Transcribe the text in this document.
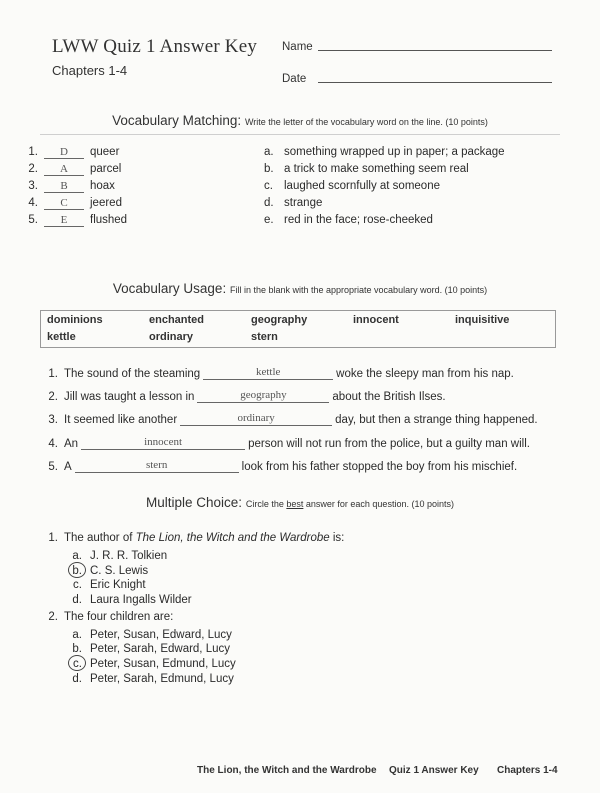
LWW Quiz 1 Answer Key
Chapters 1-4
Name
Date
Vocabulary Matching: Write the letter of the vocabulary word on the line. (10 points)
1.	D	queer
2.	A	parcel
3.	B	hoax
4.	C	jeered
5.	E	flushed
a. something wrapped up in paper; a package
b. a trick to make something seem real
c. laughed scornfully at someone
d. strange
e. red in the face; rose-cheeked
Vocabulary Usage: Fill in the blank with the appropriate vocabulary word. (10 points)
dominions	enchanted	geography	innocent	inquisitive
kettle	ordinary	stern
1. The sound of the steaming	kettle	woke the sleepy man from his nap.
2. Jill was taught a lesson in	geography	about the British Ilses.
3. It seemed like another	ordinary	day, but then a strange thing happened.
4. An	innocent	person will not run from the police, but a guilty man will.
5. A	stern	look from his father stopped the boy from his mischief.
Multiple Choice: Circle the best answer for each question. (10 points)
1. The author of The Lion, the Witch and the Wardrobe is:
a. J. R. R. Tolkien
b. C. S. Lewis
c. Eric Knight
d. Laura Ingalls Wilder
2. The four children are:
a. Peter, Susan, Edward, Lucy
b. Peter, Sarah, Edward, Lucy
c. Peter, Susan, Edmund, Lucy
d. Peter, Sarah, Edmund, Lucy
The Lion, the Witch and the Wardrobe Quiz 1 Answer Key Chapters 1-4
